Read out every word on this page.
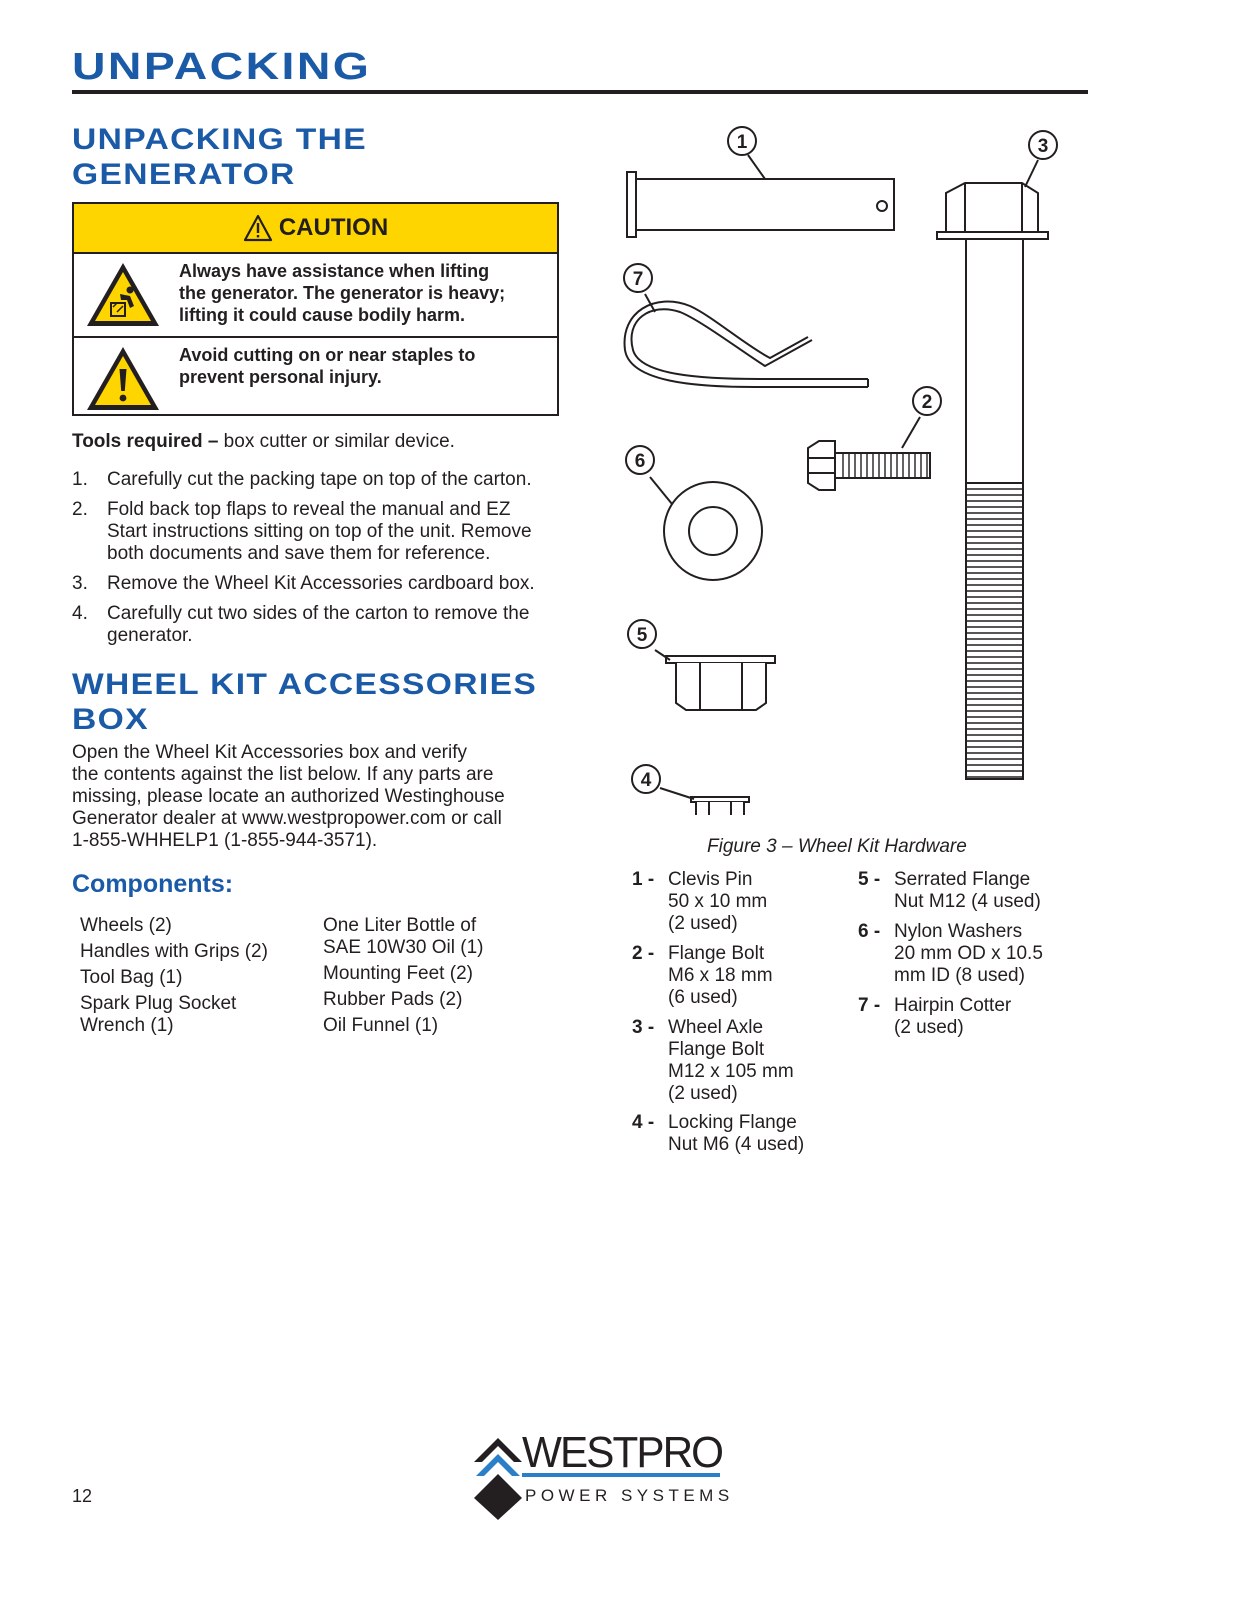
UNPACKING
UNPACKING THE
GENERATOR
CAUTION
Always have assistance when lifting
the generator. The generator is heavy;
lifting it could cause bodily harm.
Avoid cutting on or near staples to
prevent personal injury.
Tools required – box cutter or similar device.
1. Carefully cut the packing tape on top of the carton.
2. Fold back top flaps to reveal the manual and EZ
Start instructions sitting on top of the unit. Remove
both documents and save them for reference.
3. Remove the Wheel Kit Accessories cardboard box.
4. Carefully cut two sides of the carton to remove the
generator.
WHEEL KIT ACCESSORIES
BOX
Open the Wheel Kit Accessories box and verify
the contents against the list below. If any parts are
missing, please locate an authorized Westinghouse
Generator dealer at www.westpropower.com or call
1-855-WHHELP1 (1-855-944-3571).
Components:
Wheels (2)
Handles with Grips (2)
Tool Bag (1)
Spark Plug Socket
Wrench (1)
One Liter Bottle of
SAE 10W30 Oil (1)
Mounting Feet (2)
Rubber Pads (2)
Oil Funnel (1)
1
2
3
4
5
6
7
Figure 3 – Wheel Kit Hardware
1 - Clevis Pin
50 x 10 mm
(2 used)
2 - Flange Bolt
M6 x 18 mm
(6 used)
3 - Wheel Axle
Flange Bolt
M12 x 105 mm
(2 used)
4 - Locking Flange
Nut M6 (4 used)
5 - Serrated Flange
Nut M12 (4 used)
6 - Nylon Washers
20 mm OD x 10.5
mm ID (8 used)
7 - Hairpin Cotter
(2 used)
12
WESTPRO
POWER SYSTEMS
